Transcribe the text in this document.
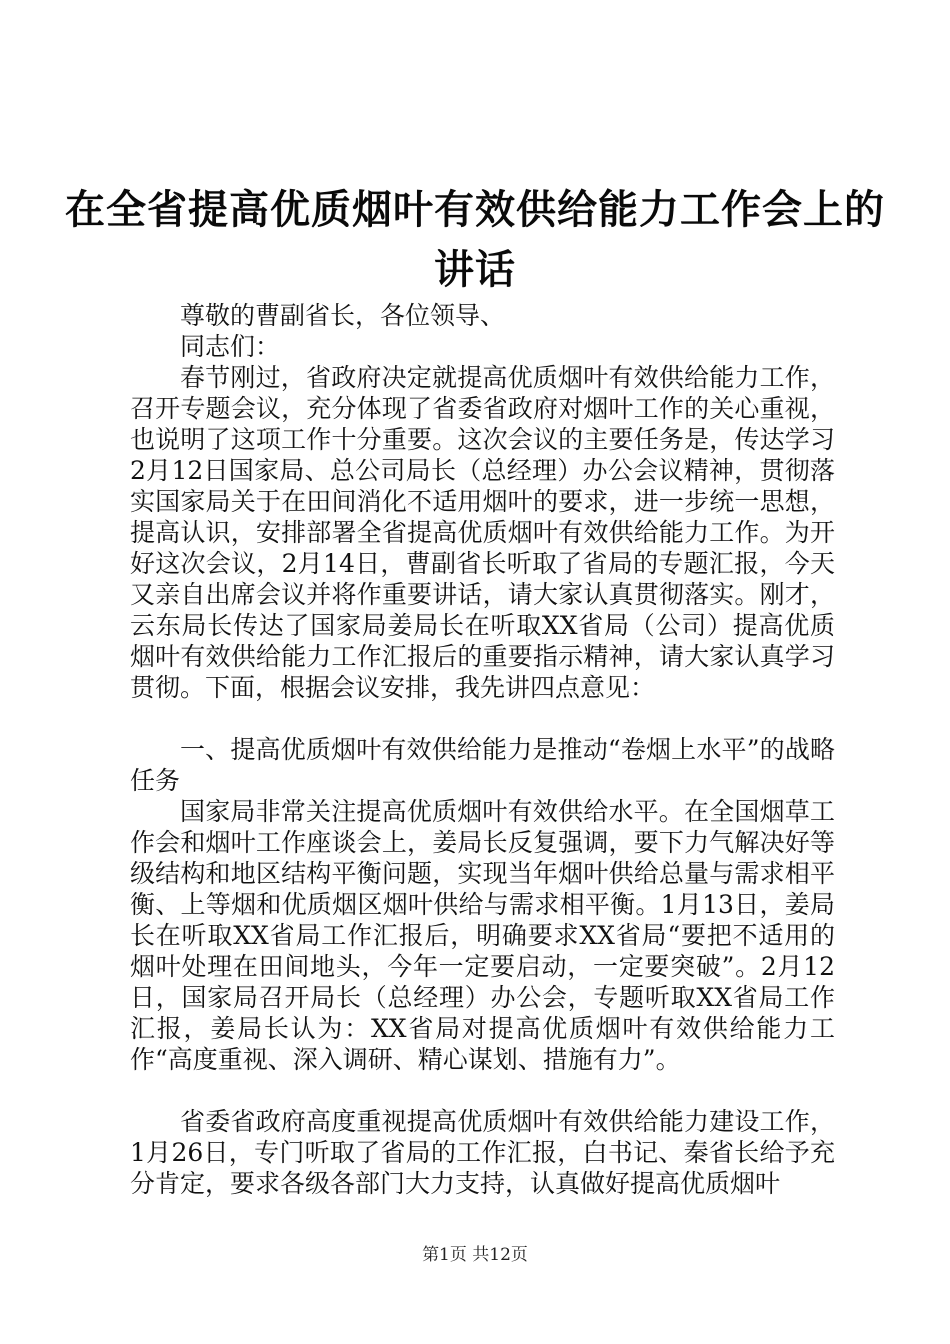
在全省提高优质烟叶有效供给能力工作会上的
讲话

尊敬的曹副省长，各位领导、

同志们：

春节刚过，省政府决定就提高优质烟叶有效供给能力工作，召开专题会议，充分体现了省委省政府对烟叶工作的关心重视，也说明了这项工作十分重要。这次会议的主要任务是，传达学习2月12日国家局、总公司局长（总经理）办公会议精神，贯彻落实国家局关于在田间消化不适用烟叶的要求，进一步统一思想，提高认识，安排部署全省提高优质烟叶有效供给能力工作。为开好这次会议，2月14日，曹副省长听取了省局的专题汇报，今天又亲自出席会议并将作重要讲话，请大家认真贯彻落实。刚才，云东局长传达了国家局姜局长在听取XX省局（公司）提高优质烟叶有效供给能力工作汇报后的重要指示精神，请大家认真学习贯彻。下面，根据会议安排，我先讲四点意见：

一、提高优质烟叶有效供给能力是推动“卷烟上水平”的战略任务

国家局非常关注提高优质烟叶有效供给水平。在全国烟草工作会和烟叶工作座谈会上，姜局长反复强调，要下力气解决好等级结构和地区结构平衡问题，实现当年烟叶供给总量与需求相平衡、上等烟和优质烟区烟叶供给与需求相平衡。1月13日，姜局长在听取XX省局工作汇报后，明确要求XX省局“要把不适用的烟叶处理在田间地头，今年一定要启动，一定要突破”。2月12日，国家局召开局长（总经理）办公会，专题听取XX省局工作汇报，姜局长认为：XX省局对提高优质烟叶有效供给能力工作“高度重视、深入调研、精心谋划、措施有力”。

省委省政府高度重视提高优质烟叶有效供给能力建设工作，1月26日，专门听取了省局的工作汇报，白书记、秦省长给予充分肯定，要求各级各部门大力支持，认真做好提高优质烟叶

第1页 共12页
